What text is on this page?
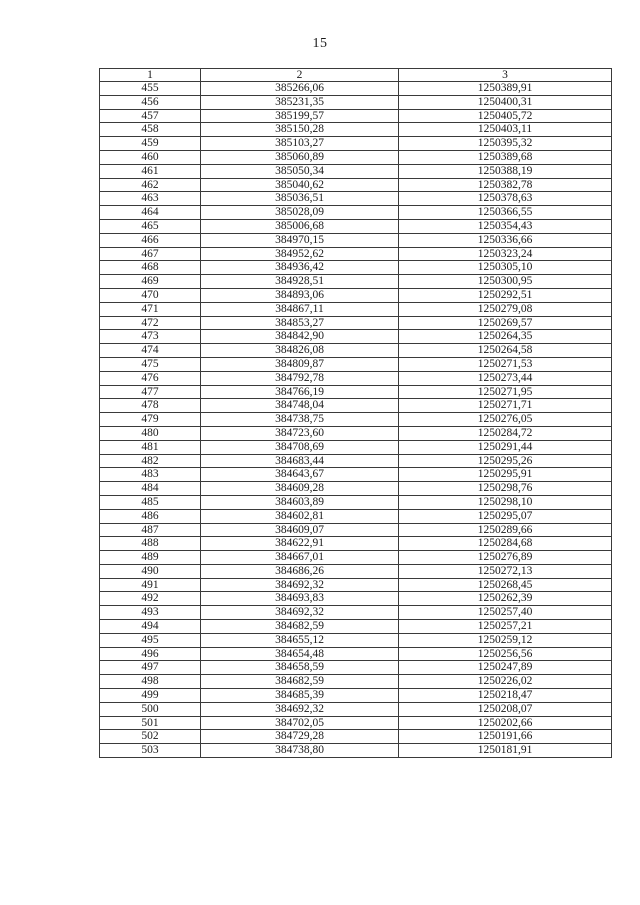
15
1	2	3
455	385266,06	1250389,91
456	385231,35	1250400,31
457	385199,57	1250405,72
458	385150,28	1250403,11
459	385103,27	1250395,32
460	385060,89	1250389,68
461	385050,34	1250388,19
462	385040,62	1250382,78
463	385036,51	1250378,63
464	385028,09	1250366,55
465	385006,68	1250354,43
466	384970,15	1250336,66
467	384952,62	1250323,24
468	384936,42	1250305,10
469	384928,51	1250300,95
470	384893,06	1250292,51
471	384867,11	1250279,08
472	384853,27	1250269,57
473	384842,90	1250264,35
474	384826,08	1250264,58
475	384809,87	1250271,53
476	384792,78	1250273,44
477	384766,19	1250271,95
478	384748,04	1250271,71
479	384738,75	1250276,05
480	384723,60	1250284,72
481	384708,69	1250291,44
482	384683,44	1250295,26
483	384643,67	1250295,91
484	384609,28	1250298,76
485	384603,89	1250298,10
486	384602,81	1250295,07
487	384609,07	1250289,66
488	384622,91	1250284,68
489	384667,01	1250276,89
490	384686,26	1250272,13
491	384692,32	1250268,45
492	384693,83	1250262,39
493	384692,32	1250257,40
494	384682,59	1250257,21
495	384655,12	1250259,12
496	384654,48	1250256,56
497	384658,59	1250247,89
498	384682,59	1250226,02
499	384685,39	1250218,47
500	384692,32	1250208,07
501	384702,05	1250202,66
502	384729,28	1250191,66
503	384738,80	1250181,91
